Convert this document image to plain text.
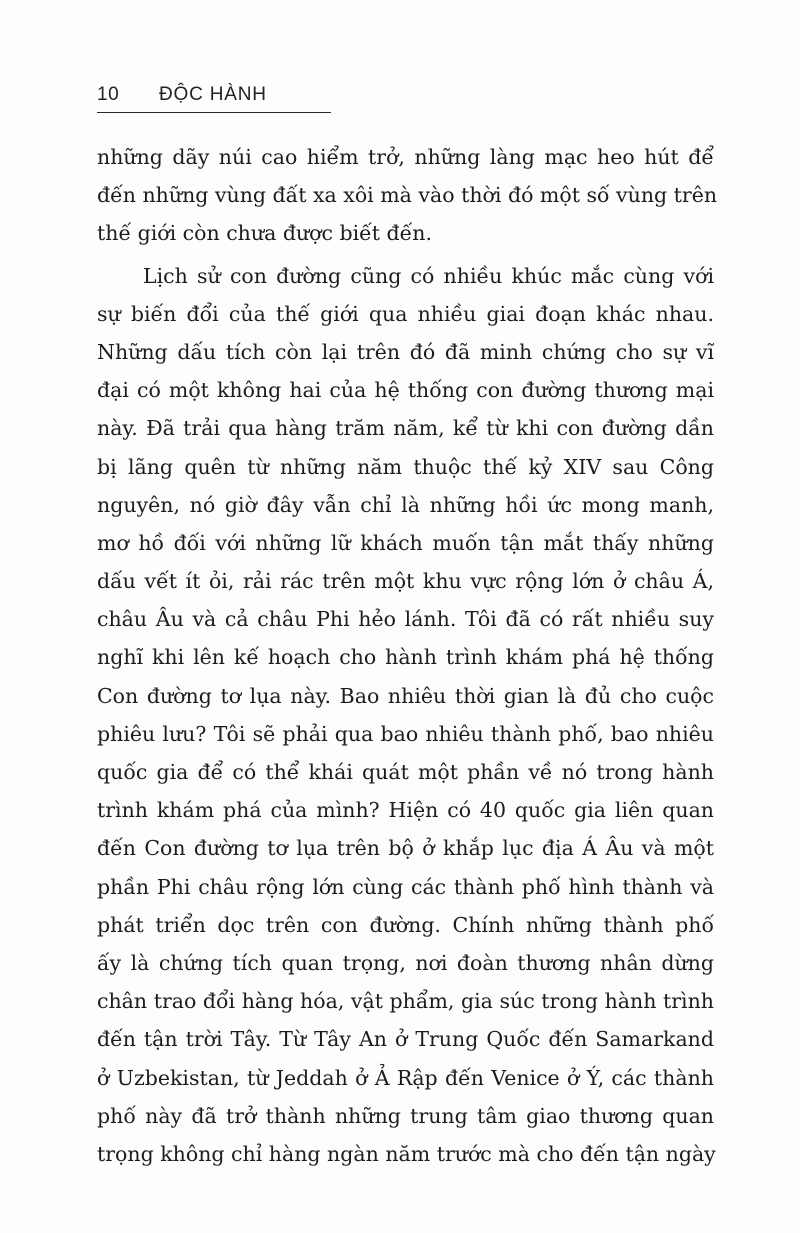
10 ĐỘC HÀNH
những dãy núi cao hiểm trở, những làng mạc heo hút để
đến những vùng đất xa xôi mà vào thời đó một số vùng trên
thế giới còn chưa được biết đến.
Lịch sử con đường cũng có nhiều khúc mắc cùng với
sự biến đổi của thế giới qua nhiều giai đoạn khác nhau.
Những dấu tích còn lại trên đó đã minh chứng cho sự vĩ
đại có một không hai của hệ thống con đường thương mại
này. Đã trải qua hàng trăm năm, kể từ khi con đường dần
bị lãng quên từ những năm thuộc thế kỷ XIV sau Công
nguyên, nó giờ đây vẫn chỉ là những hồi ức mong manh,
mơ hồ đối với những lữ khách muốn tận mắt thấy những
dấu vết ít ỏi, rải rác trên một khu vực rộng lớn ở châu Á,
châu Âu và cả châu Phi hẻo lánh. Tôi đã có rất nhiều suy
nghĩ khi lên kế hoạch cho hành trình khám phá hệ thống
Con đường tơ lụa này. Bao nhiêu thời gian là đủ cho cuộc
phiêu lưu? Tôi sẽ phải qua bao nhiêu thành phố, bao nhiêu
quốc gia để có thể khái quát một phần về nó trong hành
trình khám phá của mình? Hiện có 40 quốc gia liên quan
đến Con đường tơ lụa trên bộ ở khắp lục địa Á Âu và một
phần Phi châu rộng lớn cùng các thành phố hình thành và
phát triển dọc trên con đường. Chính những thành phố
ấy là chứng tích quan trọng, nơi đoàn thương nhân dừng
chân trao đổi hàng hóa, vật phẩm, gia súc trong hành trình
đến tận trời Tây. Từ Tây An ở Trung Quốc đến Samarkand
ở Uzbekistan, từ Jeddah ở Ả Rập đến Venice ở Ý, các thành
phố này đã trở thành những trung tâm giao thương quan
trọng không chỉ hàng ngàn năm trước mà cho đến tận ngày
